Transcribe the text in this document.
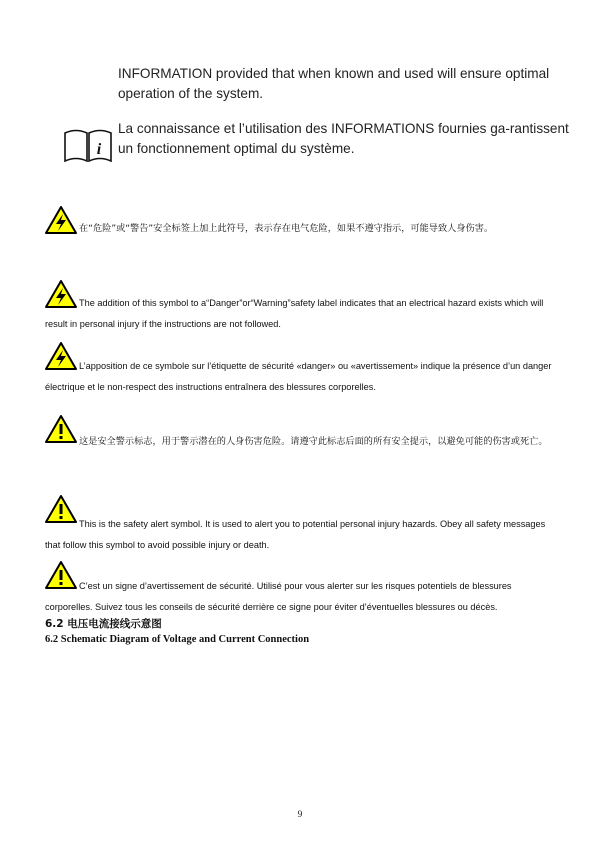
INFORMATION provided that when known and used will ensure optimal operation of the system.
i
La connaissance et l’utilisation des INFORMATIONS fournies ga-rantissent un fonctionnement optimal du système.
在“危险”或“警告”安全标签上加上此符号，表示存在电气危险，如果不遵守指示，可能导致人身伤害。
The addition of this symbol to a“Danger”or“Warning”safety label indicates that an electrical hazard exists which will result in personal injury if the instructions are not followed.
L’apposition de ce symbole sur l’étiquette de sécurité «danger» ou «avertissement» indique la présence d’un danger électrique et le non-respect des instructions entraînera des blessures corporelles.
这是安全警示标志，用于警示潜在的人身伤害危险。请遵守此标志后面的所有安全提示，以避免可能的伤害或死亡。
This is the safety alert symbol. It is used to alert you to potential personal injury hazards. Obey all safety messages that follow this symbol to avoid possible injury or death.
C’est un signe d’avertissement de sécurité. Utilisé pour vous alerter sur les risques potentiels de blessures corporelles. Suivez tous les conseils de sécurité derrière ce signe pour éviter d’éventuelles blessures ou décès.
6.2 电压电流接线示意图
6.2 Schematic Diagram of Voltage and Current Connection
9
